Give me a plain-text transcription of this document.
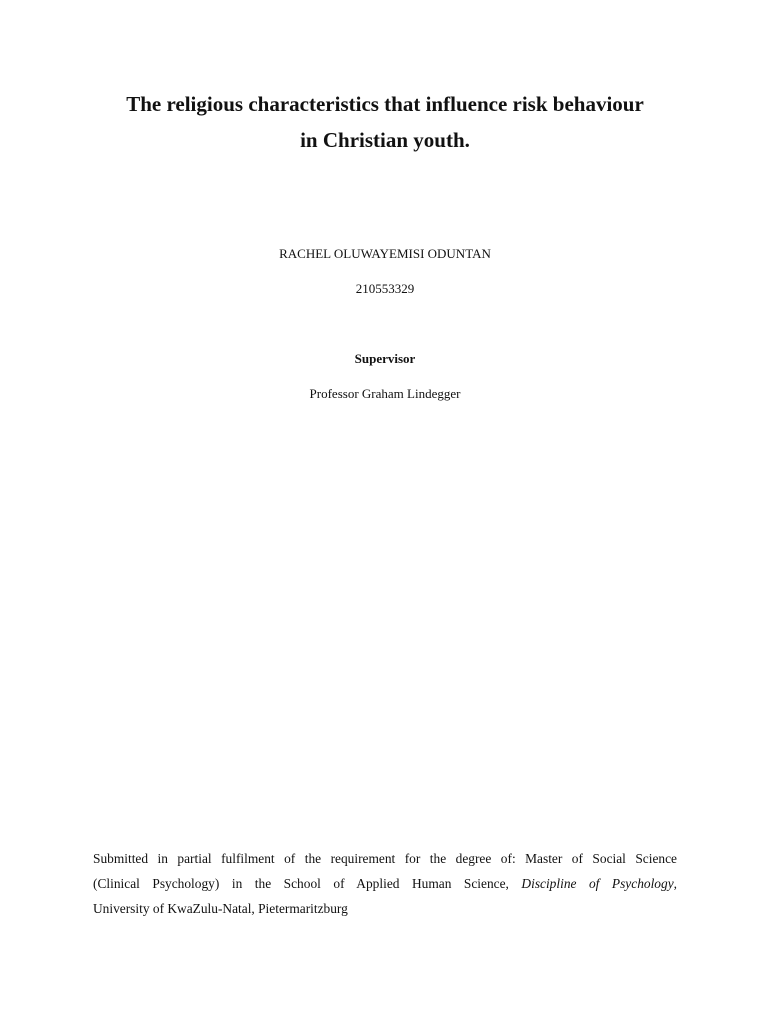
The religious characteristics that influence risk behaviour
in Christian youth.
RACHEL OLUWAYEMISI ODUNTAN
210553329
Supervisor
Professor Graham Lindegger
Submitted in partial fulfilment of the requirement for the degree of: Master of Social Science
(Clinical Psychology) in the School of Applied Human Science, Discipline of Psychology,
University of KwaZulu-Natal, Pietermaritzburg
